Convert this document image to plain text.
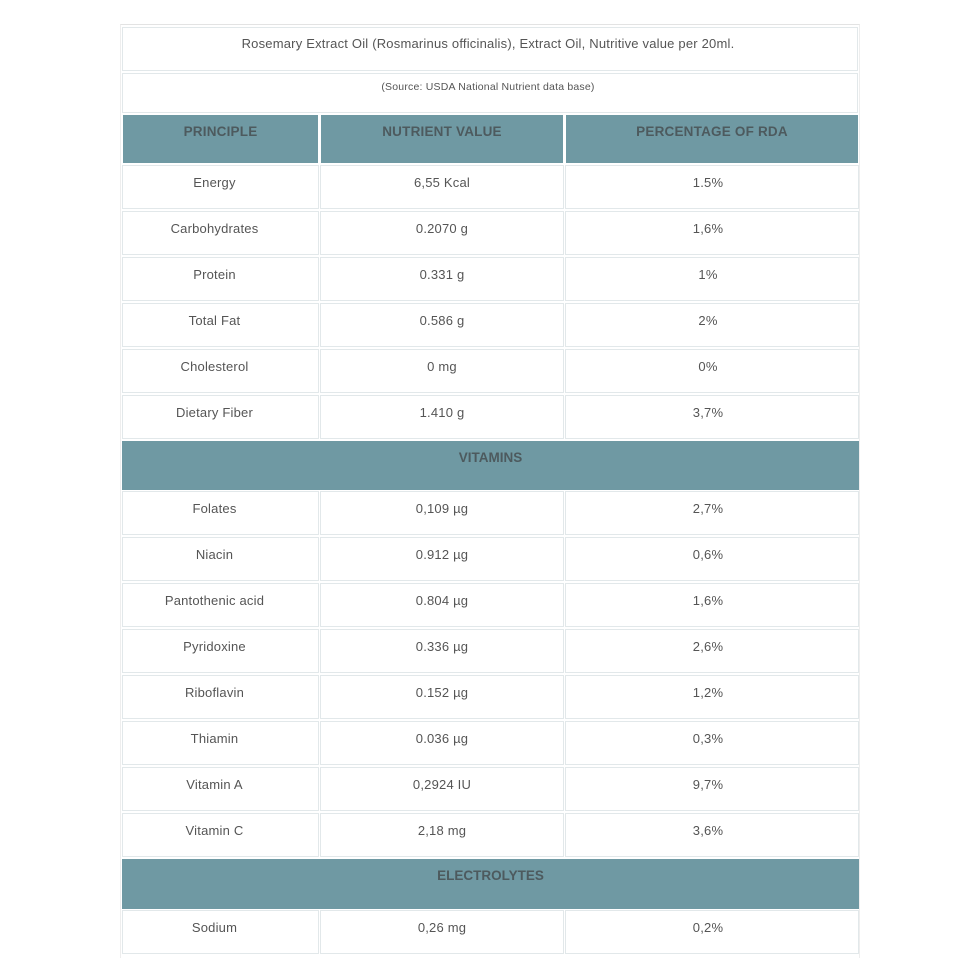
Rosemary Extract Oil (Rosmarinus officinalis), Extract Oil, Nutritive value per 20ml.
(Source: USDA National Nutrient data base)
PRINCIPLE	NUTRIENT VALUE	PERCENTAGE OF RDA
Energy	6,55 Kcal	1.5%
Carbohydrates	0.2070 g	1,6%
Protein	0.331 g	1%
Total Fat	0.586 g	2%
Cholesterol	0 mg	0%
Dietary Fiber	1.410 g	3,7%
VITAMINS
Folates	0,109 µg	2,7%
Niacin	0.912 µg	0,6%
Pantothenic acid	0.804 µg	1,6%
Pyridoxine	0.336 µg	2,6%
Riboflavin	0.152 µg	1,2%
Thiamin	0.036 µg	0,3%
Vitamin A	0,2924 IU	9,7%
Vitamin C	2,18 mg	3,6%
ELECTROLYTES
Sodium	0,26 mg	0,2%
